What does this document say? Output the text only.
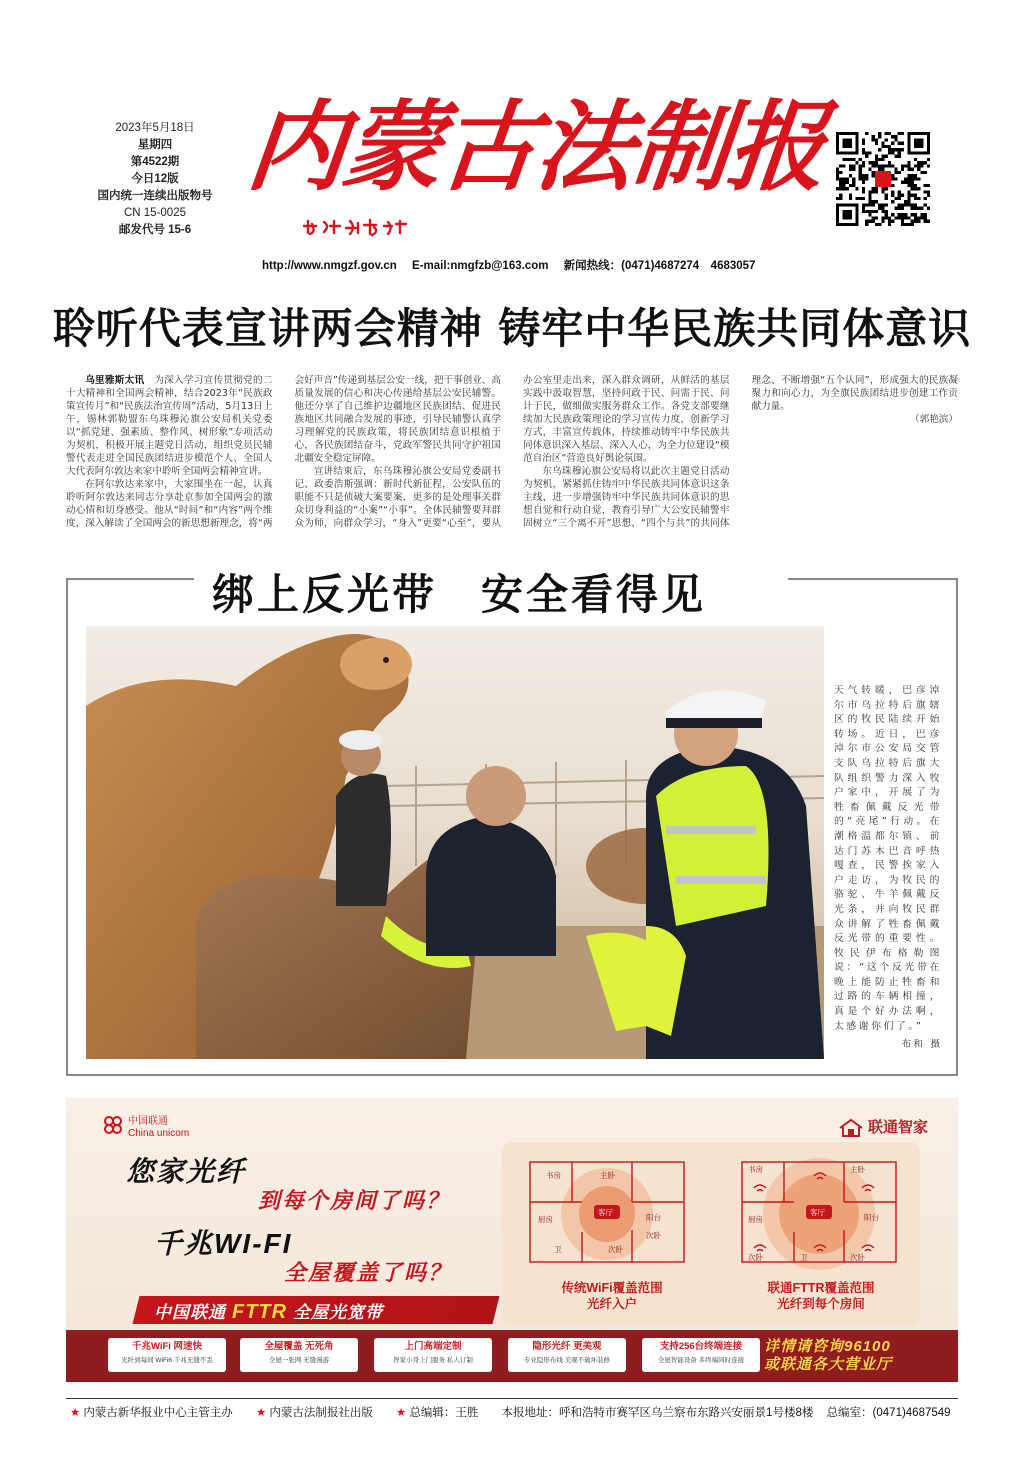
2023年5月18日
星期四
第4522期
今日12版
国内统一连续出版物号
CN 15-0025
邮发代号 15-6
内蒙古法制报
http://www.nmgzf.gov.cn E-mail:nmgfzb@163.com 新闻热线：(0471)4687274　4683057
聆听代表宣讲两会精神 铸牢中华民族共同体意识

乌里雅斯太讯　 为深入学习宣传贯彻党的二十大精神和全国两会精神，结合2023年“民族政策宣传月”和“民族法治宣传周”活动，5月13日上午，锡林郭勒盟东乌珠穆沁旗公安局机关党委以“抓党建、强素质、整作风、树形象”专项活动为契机，积极开展主题党日活动，组织党员民辅警代表走进全国民族团结进步模范个人、全国人大代表阿尔敦达来家中聆听全国两会精神宣讲。

在阿尔敦达来家中，大家围坐在一起，认真聆听阿尔敦达来同志分享赴京参加全国两会的激动心情和切身感受。他从“时间”和“内容”两个维度，深入解读了全国两会的新思想新理念，将“两会好声音”传递到基层公安一线，把干事创业、高质量发展的信心和决心传递给基层公安民辅警。他还分享了自己维护边疆地区民族团结、促进民族地区共同融合发展的事迹，引导民辅警认真学习理解党的民族政策，将民族团结意识根植于心，各民族团结奋斗，党政军警民共同守护祖国北疆安全稳定屏障。

宣讲结束后，东乌珠穆沁旗公安局党委副书记、政委浩斯强调：新时代新征程，公安队伍的职能不只是侦破大案要案，更多的是处理事关群众切身利益的“小案”“小事”。全体民辅警要拜群众为师，向群众学习，“身入”更要“心至”，要从办公室里走出来，深入群众调研，从鲜活的基层实践中汲取智慧，坚持问政于民、问需于民、问计于民，做细做实服务群众工作。各党支部要继续加大民族政策理论的学习宣传力度，创新学习方式，丰富宣传载体，持续推动铸牢中华民族共同体意识深入基层、深入人心，为全力位建设“模范自治区”营造良好舆论氛围。

东乌珠穆沁旗公安局将以此次主题党日活动为契机，紧紧抓住铸牢中华民族共同体意识这条主线，进一步增强铸牢中华民族共同体意识的思想自觉和行动自觉，教育引导广大公安民辅警牢固树立“三个离不开”思想、“四个与共”的共同体理念、不断增强“五个认同”，形成强大的民族凝聚力和向心力，为全旗民族团结进步创建工作贡献力量。

（郭艳滨）

绑上反光带 安全看得见
天气转暖，巴彦淖尔市乌拉特后旗辖区的牧民陆续开始转场。近日，巴彦淖尔市公安局交管支队乌拉特后旗大队组织警力深入牧户家中，开展了为牲畜佩戴反光带的“亮尾”行动。在潮格温都尔镇、前达门苏木巴音呼热嘎查，民警挨家入户走访，为牧民的骆驼、牛羊佩戴反光条，并向牧民群众讲解了牲畜佩戴反光带的重要性。牧民伊布格勒图说：“这个反光带在晚上能防止牲畜和过路的车辆相撞，真是个好办法啊，太感谢你们了。”
布和 摄
中国联通
China unicom	联通智家
您家光纤
到每个房间了吗？
千兆WI-FI
全屋覆盖了吗？
中国联通 FTTR 全屋光宽带
书房	主卧
厨房	阳台
次卧
卫	次卧
客厅
书房	主卧
厨房	阳台
卫	次卧
次卧
客厅
传统WiFi覆盖范围
光纤入户
联通FTTR覆盖范围
光纤到每个房间
千兆WiFi 网速快
光纤到每间 WiFi6 千兆无缝不丢
全屋覆盖 无死角
全屋一张网 无缝漫游
上门高端定制
智家小哥上门服务 私人订制
隐形光纤 更美观
专业隐形布线 美观不破坏装修
支持256台终端连接
全屋智能设备 多终端同时连接
详情请咨询96100
或联通各大营业厅
★ 内蒙古新华报业中心主管主办 ★ 内蒙古法制报社出版 ★ 总编辑：王胜 本报地址：呼和浩特市赛罕区乌兰察布东路兴安丽景1号楼8楼 总编室：(0471)4687549
